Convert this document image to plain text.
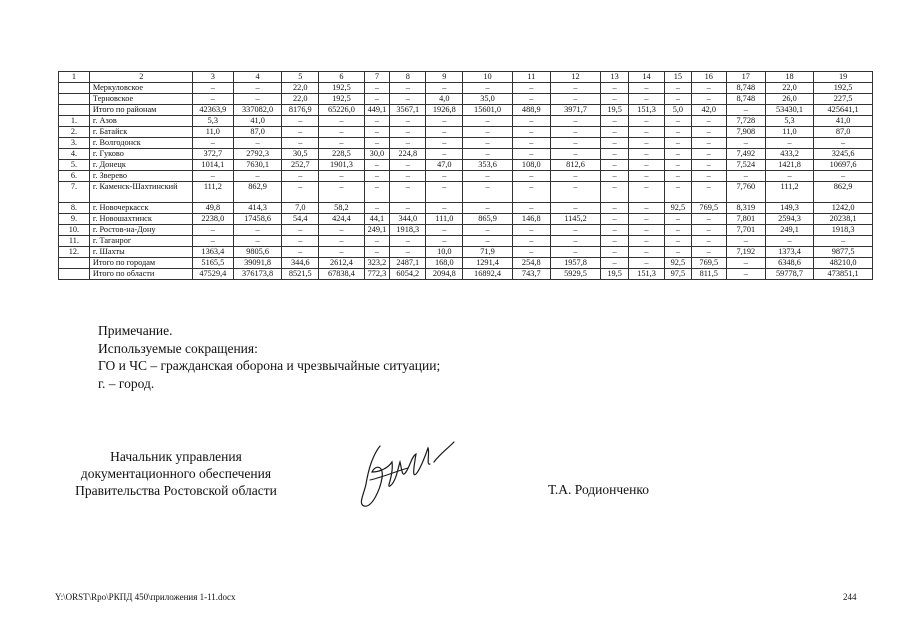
1	2	3	4	5	6	7	8	9	10	11	12	13	14	15	16	17	18	19
	Меркуловское	–	–	22,0	192,5	–	–	–	–	–	–	–	–	–	–	8,748	22,0	192,5
	Терновское	–	–	22,0	192,5	–	–	4,0	35,0	–	–	–	–	–	–	8,748	26,0	227,5
	Итого по районам	42363,9	337082,0	8176,9	65226,0	449,1	3567,1	1926,8	15601,0	488,9	3971,7	19,5	151,3	5,0	42,0	–	53430,1	425641,1
1.	г. Азов	5,3	41,0	–	–	–	–	–	–	–	–	–	–	–	–	7,728	5,3	41,0
2.	г. Батайск	11,0	87,0	–	–	–	–	–	–	–	–	–	–	–	–	7,908	11,0	87,0
3.	г. Волгодонск	–	–	–	–	–	–	–	–	–	–	–	–	–	–	–	–	–
4.	г. Гуково	372,7	2792,3	30,5	228,5	30,0	224,8	–	–	–	–	–	–	–	–	7,492	433,2	3245,6
5.	г. Донецк	1014,1	7630,1	252,7	1901,3	–	–	47,0	353,6	108,0	812,6	–	–	–	–	7,524	1421,8	10697,6
6.	г. Зверево	–	–	–	–	–	–	–	–	–	–	–	–	–	–	–	–	–
7.	г. Каменск-Шахтинский	111,2	862,9	–	–	–	–	–	–	–	–	–	–	–	–	7,760	111,2	862,9
8.	г. Новочеркасск	49,8	414,3	7,0	58,2	–	–	–	–	–	–	–	–	92,5	769,5	8,319	149,3	1242,0
9.	г. Новошахтинск	2238,0	17458,6	54,4	424,4	44,1	344,0	111,0	865,9	146,8	1145,2	–	–	–	–	7,801	2594,3	20238,1
10.	г. Ростов-на-Дону	–	–	–	–	249,1	1918,3	–	–	–	–	–	–	–	–	7,701	249,1	1918,3
11.	г. Таганрог	–	–	–	–	–	–	–	–	–	–	–	–	–	–	–	–	–
12.	г. Шахты	1363,4	9805,6	–	–	–	–	10,0	71,9	–	–	–	–	–	–	7,192	1373,4	9877,5
	Итого по городам	5165,5	39091,8	344,6	2612,4	323,2	2487,1	168,0	1291,4	254,8	1957,8	–	–	92,5	769,5	–	6348,6	48210,0
	Итого по области	47529,4	376173,8	8521,5	67838,4	772,3	6054,2	2094,8	16892,4	743,7	5929,5	19,5	151,3	97,5	811,5	–	59778,7	473851,1
Примечание.
Используемые сокращения:
ГО и ЧС – гражданская оборона и чрезвычайные ситуации;
г. – город.
Начальник управления
документационного обеспечения
Правительства Ростовской области	Т.А. Родионченко
Y:\ORST\Rpo\РКПД 450\приложения 1-11.docx	244
